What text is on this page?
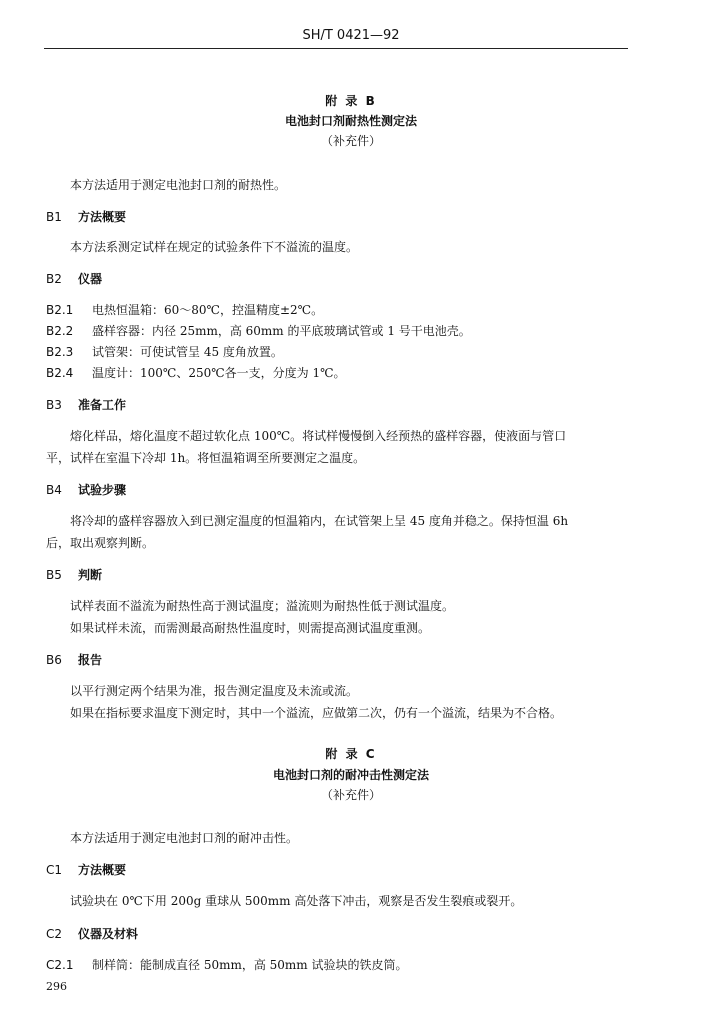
SH/T 0421—92
附 录 B
电池封口剂耐热性测定法
（补充件）
本方法适用于测定电池封口剂的耐热性。
B1 方法概要
本方法系测定试样在规定的试验条件下不溢流的温度。
B2 仪器
B2.1 电热恒温箱：60～80℃，控温精度±2℃。
B2.2 盛样容器：内径 25mm，高 60mm 的平底玻璃试管或 1 号干电池壳。
B2.3 试管架：可使试管呈 45 度角放置。
B2.4 温度计：100℃、250℃各一支，分度为 1℃。
B3 准备工作
熔化样品，熔化温度不超过软化点 100℃。将试样慢慢倒入经预热的盛样容器，使液面与管口
平，试样在室温下冷却 1h。将恒温箱调至所要测定之温度。
B4 试验步骤
将冷却的盛样容器放入到已测定温度的恒温箱内，在试管架上呈 45 度角并稳之。保持恒温 6h
后，取出观察判断。
B5 判断
试样表面不溢流为耐热性高于测试温度；溢流则为耐热性低于测试温度。
如果试样未流，而需测最高耐热性温度时，则需提高测试温度重测。
B6 报告
以平行测定两个结果为准，报告测定温度及未流或流。
如果在指标要求温度下测定时，其中一个溢流，应做第二次，仍有一个溢流，结果为不合格。
附 录 C
电池封口剂的耐冲击性测定法
（补充件）
本方法适用于测定电池封口剂的耐冲击性。
C1 方法概要
试验块在 0℃下用 200g 重球从 500mm 高处落下冲击，观察是否发生裂痕或裂开。
C2 仪器及材料
C2.1 制样筒：能制成直径 50mm，高 50mm 试验块的铁皮筒。
296
